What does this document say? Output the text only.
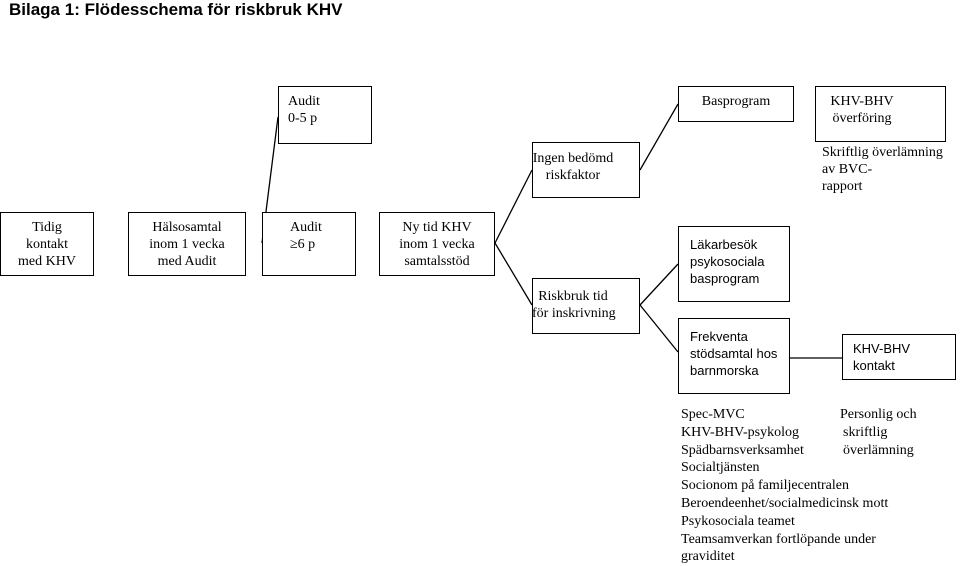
Bilaga 1: Flödesschema för riskbruk KHV
Tidig
kontakt
med KHV
Hälsosamtal
inom 1 vecka
med Audit
Audit
≥6 p
Ny tid KHV
inom 1 vecka
samtalsstöd
Audit
0-5 p
Ingen bedömd
riskfaktor
Riskbruk tid
för inskrivning
Basprogram	KHV-BHV
överföring
Skriftlig överlämning
av BVC-
rapport
Läkarbesök
psykosociala
basprogram
Frekventa
stödsamtal hos
barnmorska
KHV-BHV
kontakt
Spec-MVC
KHV-BHV-psykolog
Spädbarnsverksamhet
Socialtjänsten
Socionom på familjecentralen
Beroendeenhet/socialmedicinsk mott
Psykosociala teamet
Teamsamverkan fortlöpande under
graviditet
Personlig och
skriftlig
överlämning
